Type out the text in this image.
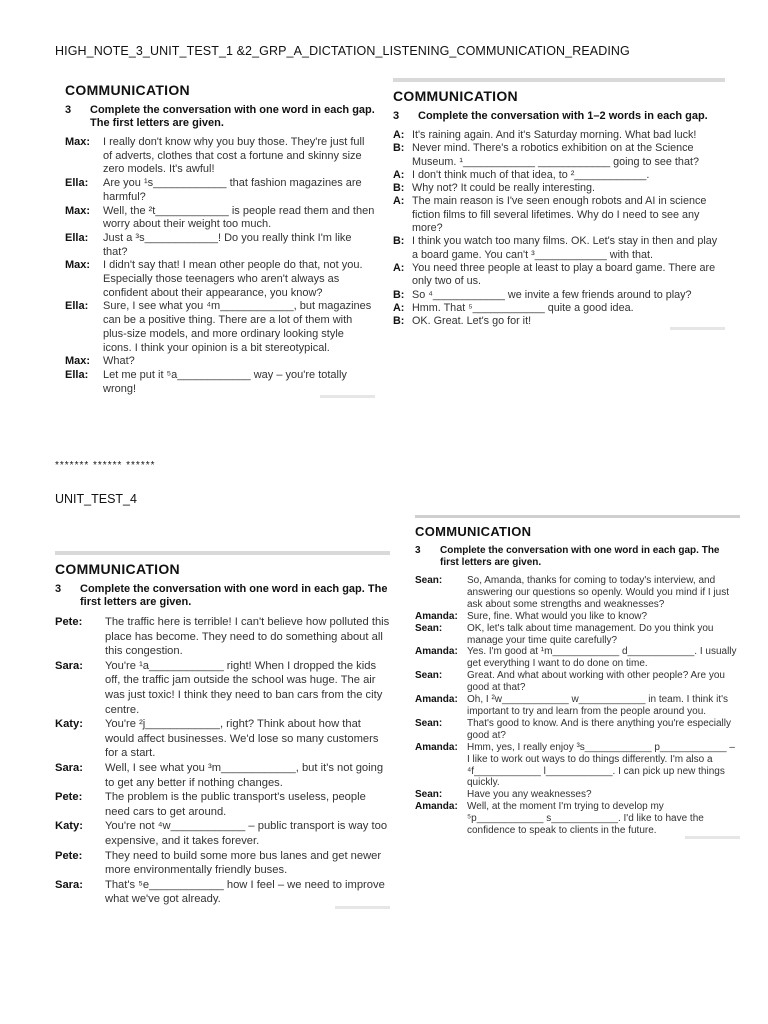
HIGH_NOTE_3_UNIT_TEST_1 &2_GRP_A_DICTATION_LISTENING_COMMUNICATION_READING
COMMUNICATION
3	Complete the conversation with one word in each gap. The first letters are given.
Max:	I really don't know why you buy those. They're just full of adverts, clothes that cost a fortune and skinny size zero models. It's awful!
Ella:	Are you ¹s____________ that fashion magazines are harmful?
Max:	Well, the ²t____________ is people read them and then worry about their weight too much.
Ella:	Just a ³s____________! Do you really think I'm like that?
Max:	I didn't say that! I mean other people do that, not you. Especially those teenagers who aren't always as confident about their appearance, you know?
Ella:	Sure, I see what you ⁴m____________, but magazines can be a positive thing. There are a lot of them with plus-size models, and more ordinary looking style icons. I think your opinion is a bit stereotypical.
Max:	What?
Ella:	Let me put it ⁵a____________ way – you're totally wrong!
COMMUNICATION
3	Complete the conversation with 1–2 words in each gap.
A: It's raining again. And it's Saturday morning. What bad luck!
B: Never mind. There's a robotics exhibition on at the Science Museum. ¹____________ ____________ going to see that?
A: I don't think much of that idea, to ²____________.
B: Why not? It could be really interesting.
A: The main reason is I've seen enough robots and AI in science fiction films to fill several lifetimes. Why do I need to see any more?
B: I think you watch too many films. OK. Let's stay in then and play a board game. You can't ³____________ with that.
A: You need three people at least to play a board game. There are only two of us.
B: So ⁴____________ we invite a few friends around to play?
A: Hmm. That ⁵____________ quite a good idea.
B: OK. Great. Let's go for it!
******* ****** ******
UNIT_TEST_4
COMMUNICATION
3	Complete the conversation with one word in each gap. The first letters are given.
Pete:	The traffic here is terrible! I can't believe how polluted this place has become. They need to do something about all this congestion.
Sara:	You're ¹a____________ right! When I dropped the kids off, the traffic jam outside the school was huge. The air was just toxic! I think they need to ban cars from the city centre.
Katy:	You're ²j____________, right? Think about how that would affect businesses. We'd lose so many customers for a start.
Sara:	Well, I see what you ³m____________, but it's not going to get any better if nothing changes.
Pete:	The problem is the public transport's useless, people need cars to get around.
Katy:	You're not ⁴w____________ – public transport is way too expensive, and it takes forever.
Pete:	They need to build some more bus lanes and get newer more environmentally friendly buses.
Sara:	That's ⁵e____________ how I feel – we need to improve what we've got already.
COMMUNICATION
3	Complete the conversation with one word in each gap. The first letters are given.
Sean:	So, Amanda, thanks for coming to today's interview, and answering our questions so openly. Would you mind if I just ask about some strengths and weaknesses?
Amanda: Sure, fine. What would you like to know?
Sean:	OK, let's talk about time management. Do you think you manage your time quite carefully?
Amanda: Yes. I'm good at ¹m____________ d____________. I usually get everything I want to do done on time.
Sean:	Great. And what about working with other people? Are you good at that?
Amanda: Oh, I ²w____________ w____________ in team. I think it's important to try and learn from the people around you.
Sean:	That's good to know. And is there anything you're especially good at?
Amanda: Hmm, yes, I really enjoy ³s____________ p____________ – I like to work out ways to do things differently. I'm also a ⁴f____________ l____________. I can pick up new things quickly.
Sean:	Have you any weaknesses?
Amanda: Well, at the moment I'm trying to develop my ⁵p____________ s____________. I'd like to have the confidence to speak to clients in the future.
